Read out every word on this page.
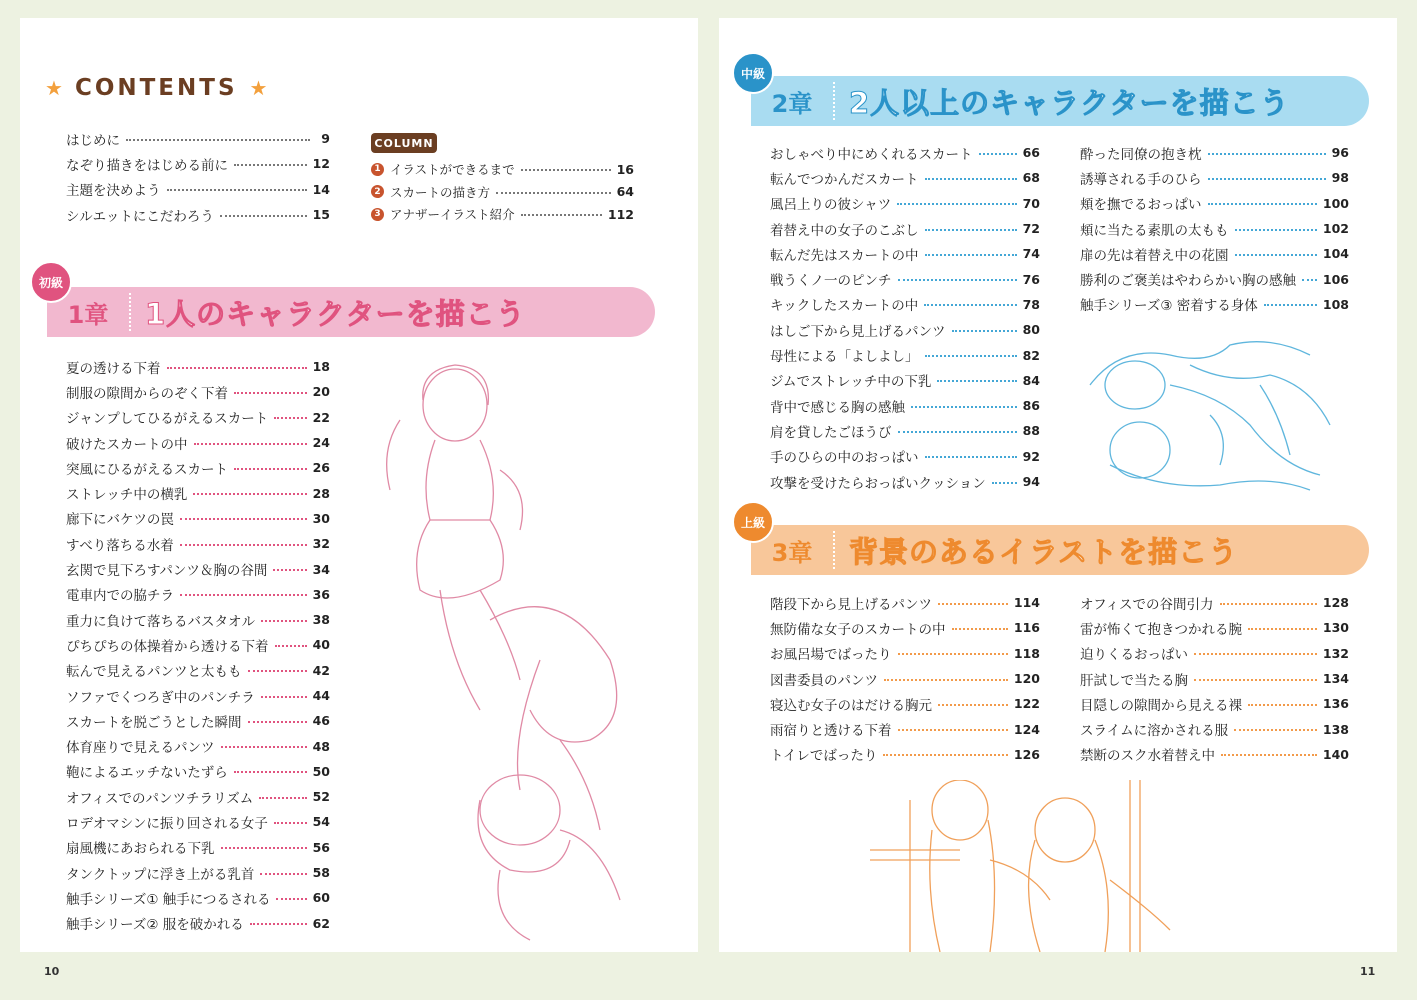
★ CONTENTS ★
はじめに	9
なぞり描きをはじめる前に	12
主題を決めよう	14
シルエットにこだわろう	15
COLUMN
1 イラストができるまで	16
2 スカートの描き方	64
3 アナザーイラスト紹介	112
1章	1人のキャラクターを描こう
初級
夏の透ける下着	18
制服の隙間からのぞく下着	20
ジャンプしてひるがえるスカート	22
破けたスカートの中	24
突風にひるがえるスカート	26
ストレッチ中の横乳	28
廊下にバケツの罠	30
すべり落ちる水着	32
玄関で見下ろすパンツ＆胸の谷間	34
電車内での脇チラ	36
重力に負けて落ちるバスタオル	38
ぴちぴちの体操着から透ける下着	40
転んで見えるパンツと太もも	42
ソファでくつろぎ中のパンチラ	44
スカートを脱ごうとした瞬間	46
体育座りで見えるパンツ	48
鞄によるエッチないたずら	50
オフィスでのパンツチラリズム	52
ロデオマシンに振り回される女子	54
扇風機にあおられる下乳	56
タンクトップに浮き上がる乳首	58
触手シリーズ① 触手につるされる	60
触手シリーズ② 服を破かれる	62
2章	2人以上のキャラクターを描こう
中級
おしゃべり中にめくれるスカート	66
転んでつかんだスカート	68
風呂上りの彼シャツ	70
着替え中の女子のこぶし	72
転んだ先はスカートの中	74
戦うくノ一のピンチ	76
キックしたスカートの中	78
はしご下から見上げるパンツ	80
母性による「よしよし」	82
ジムでストレッチ中の下乳	84
背中で感じる胸の感触	86
肩を貸したごほうび	88
手のひらの中のおっぱい	92
攻撃を受けたらおっぱいクッション	94
酔った同僚の抱き枕	96
誘導される手のひら	98
頬を撫でるおっぱい	100
頬に当たる素肌の太もも	102
扉の先は着替え中の花園	104
勝利のご褒美はやわらかい胸の感触 106
触手シリーズ③ 密着する身体	108
3章	背景のあるイラストを描こう
上級
階段下から見上げるパンツ	114
無防備な女子のスカートの中	116
お風呂場でばったり	118
図書委員のパンツ	120
寝込む女子のはだける胸元	122
雨宿りと透ける下着	124
トイレでばったり	126
オフィスでの谷間引力	128
雷が怖くて抱きつかれる腕	130
迫りくるおっぱい	132
肝試しで当たる胸	134
目隠しの隙間から見える裸	136
スライムに溶かされる服	138
禁断のスク水着替え中	140
10	11
